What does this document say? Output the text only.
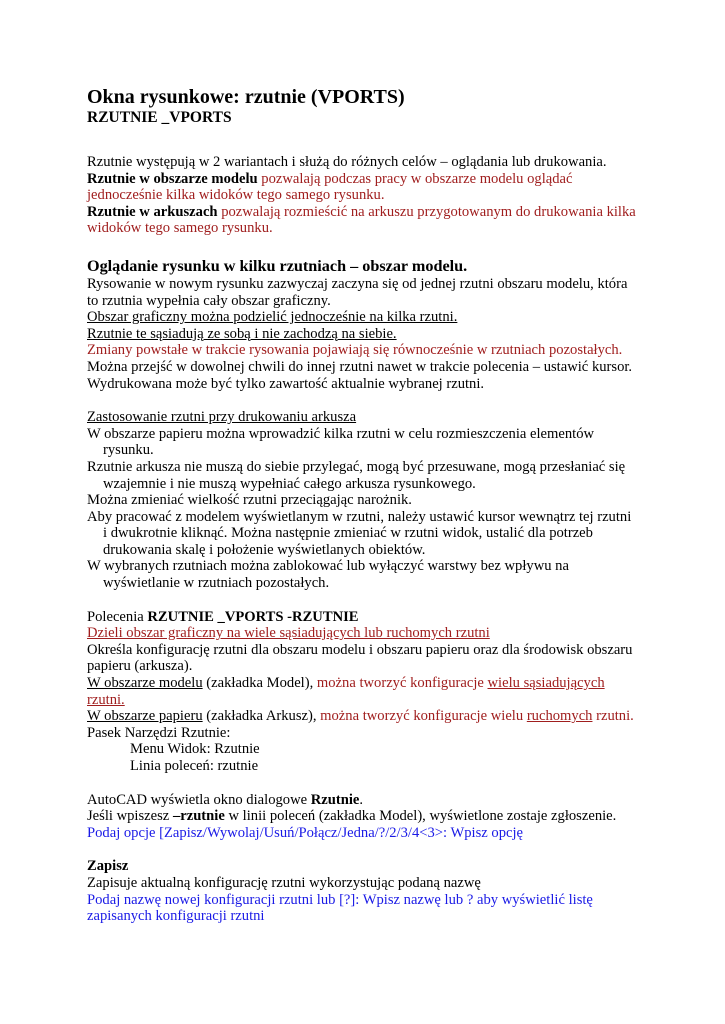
Okna rysunkowe: rzutnie (VPORTS)

RZUTNIE _VPORTS

Rzutnie występują w 2 wariantach i służą do różnych celów – oglądania lub drukowania.

Rzutnie w obszarze modelu pozwalają podczas pracy w obszarze modelu oglądać

jednocześnie kilka widoków tego samego rysunku.

Rzutnie w arkuszach pozwalają rozmieścić na arkuszu przygotowanym do drukowania kilka

widoków tego samego rysunku.

Oglądanie rysunku w kilku rzutniach – obszar modelu.

Rysowanie w nowym rysunku zazwyczaj zaczyna się od jednej rzutni obszaru modelu, która

to rzutnia wypełnia cały obszar graficzny.

Obszar graficzny można podzielić jednocześnie na kilka rzutni.

Rzutnie te sąsiadują ze sobą i nie zachodzą na siebie.

Zmiany powstałe w trakcie rysowania pojawiają się równocześnie w rzutniach pozostałych.

Można przejść w dowolnej chwili do innej rzutni nawet w trakcie polecenia – ustawić kursor.

Wydrukowana może być tylko zawartość aktualnie wybranej rzutni.

Zastosowanie rzutni przy drukowaniu arkusza

W obszarze papieru można wprowadzić kilka rzutni w celu rozmieszczenia elementów

rysunku.

Rzutnie arkusza nie muszą do siebie przylegać, mogą być przesuwane, mogą przesłaniać się

wzajemnie i nie muszą wypełniać całego arkusza rysunkowego.

Można zmieniać wielkość rzutni przeciągając narożnik.

Aby pracować z modelem wyświetlanym w rzutni, należy ustawić kursor wewnątrz tej rzutni

i dwukrotnie kliknąć. Można następnie zmieniać w rzutni widok, ustalić dla potrzeb

drukowania skalę i położenie wyświetlanych obiektów.

W wybranych rzutniach można zablokować lub wyłączyć warstwy bez wpływu na

wyświetlanie w rzutniach pozostałych.

Polecenia RZUTNIE _VPORTS -RZUTNIE

Dzieli obszar graficzny na wiele sąsiadujących lub ruchomych rzutni

Określa konfigurację rzutni dla obszaru modelu i obszaru papieru oraz dla środowisk obszaru

papieru (arkusza).

W obszarze modelu (zakładka Model), można tworzyć konfiguracje wielu sąsiadujących

rzutni.

W obszarze papieru (zakładka Arkusz), można tworzyć konfiguracje wielu ruchomych rzutni.

Pasek Narzędzi Rzutnie:

Menu Widok: Rzutnie

Linia poleceń: rzutnie

AutoCAD wyświetla okno dialogowe Rzutnie.

Jeśli wpiszesz –rzutnie w linii poleceń (zakładka Model), wyświetlone zostaje zgłoszenie.

Podaj opcje [Zapisz/Wywolaj/Usuń/Połącz/Jedna/?/2/3/4<3>: Wpisz opcję

Zapisz

Zapisuje aktualną konfigurację rzutni wykorzystując podaną nazwę

Podaj nazwę nowej konfiguracji rzutni lub [?]: Wpisz nazwę lub ? aby wyświetlić listę

zapisanych konfiguracji rzutni
